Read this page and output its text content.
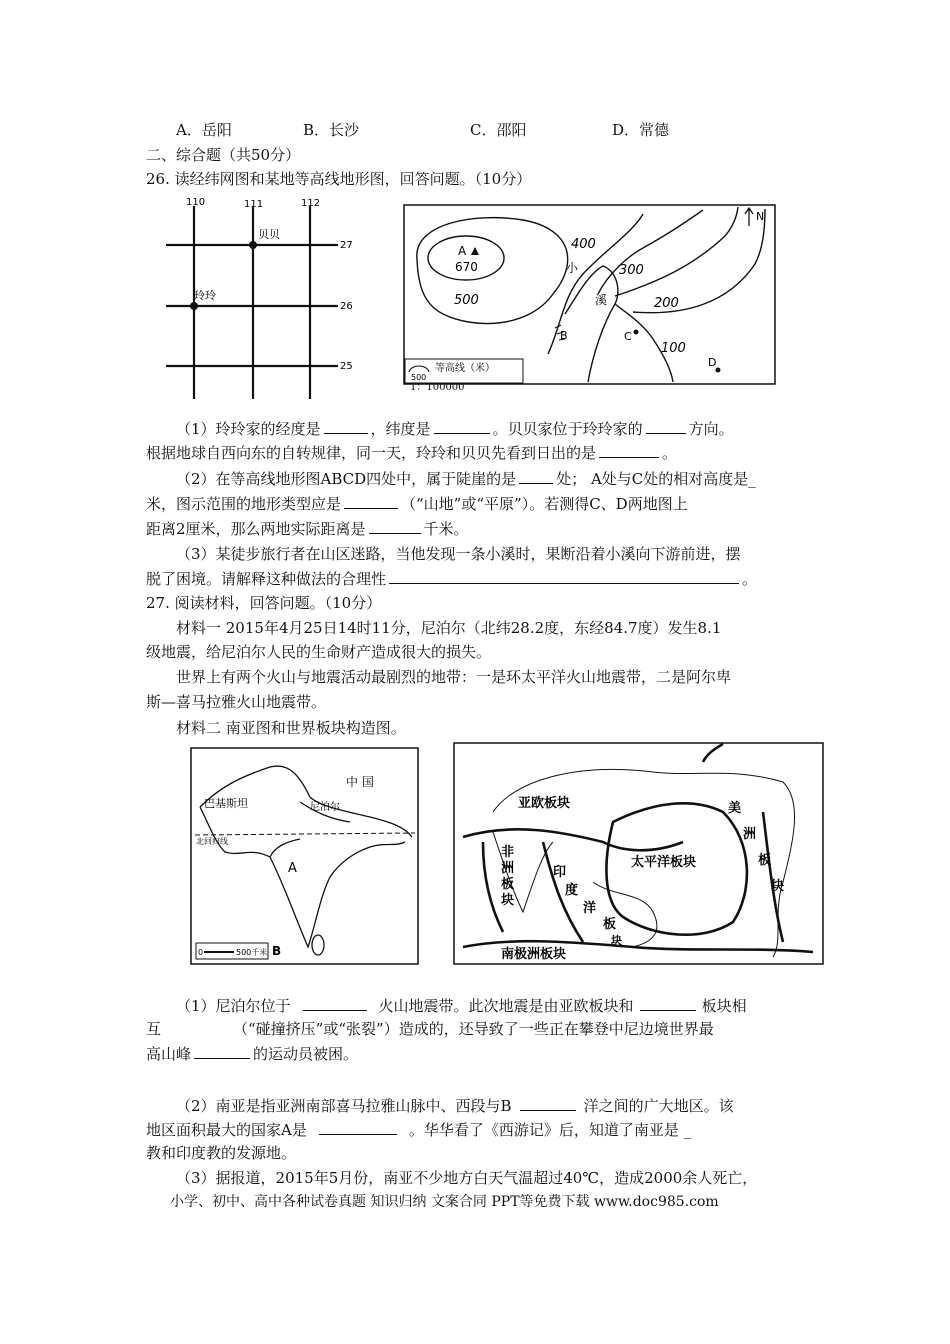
A．岳阳	B．长沙	C．邵阳	D．常德
二、综合题（共50分）
26. 读经纬网图和某地等高线地形图，回答问题。（10分）
110	111	112
27
26
25
贝贝
玲玲
N
A
670
400
300
200
100
500
小
溪
B	C
D
500
等高线（米）
1：100000
（1）玲玲家的经度是	，纬度是	。贝贝家位于玲玲家的	方向。
根据地球自西向东的自转规律，同一天，玲玲和贝贝先看到日出的是	。
（2）在等高线地形图ABCD四处中，属于陡崖的是	处； A处与C处的相对高度是_
米，图示范围的地形类型应是	（“山地”或“平原”）。若测得C、D两地图上
距离2厘米，那么两地实际距离是	千米。
（3）某徒步旅行者在山区迷路，当他发现一条小溪时，果断沿着小溪向下游前进，摆
脱了困境。请解释这种做法的合理性	。
27. 阅读材料，回答问题。（10分）
材料一 2015年4月25日14时11分，尼泊尔（北纬28.2度，东经84.7度）发生8.1
级地震，给尼泊尔人民的生命财产造成很大的损失。
世界上有两个火山与地震活动最剧烈的地带：一是环太平洋火山地震带，二是阿尔卑
斯—喜马拉雅火山地震带。
材料二 南亚图和世界板块构造图。
中 国
巴基斯坦	尼泊尔
北回归线
A
B
0	500千米
亚欧板块
太平洋板块
非
洲
板
块
印
度
洋
板
块
美
洲
板
块
南极洲板块
（1）尼泊尔位于	火山地震带。此次地震是由亚欧板块和	板块相
互	（“碰撞挤压”或“张裂”）造成的，还导致了一些正在攀登中尼边境世界最
高山峰	的运动员被困。
（2）南亚是指亚洲南部喜马拉雅山脉中、西段与B	洋之间的广大地区。该
地区面积最大的国家A是	。华华看了《西游记》后，知道了南亚是 _
教和印度教的发源地。
（3）据报道，2015年5月份，南亚不少地方白天气温超过40℃，造成2000余人死亡，
小学、初中、高中各种试卷真题 知识归纳 文案合同 PPT等免费下载 www.doc985.com
